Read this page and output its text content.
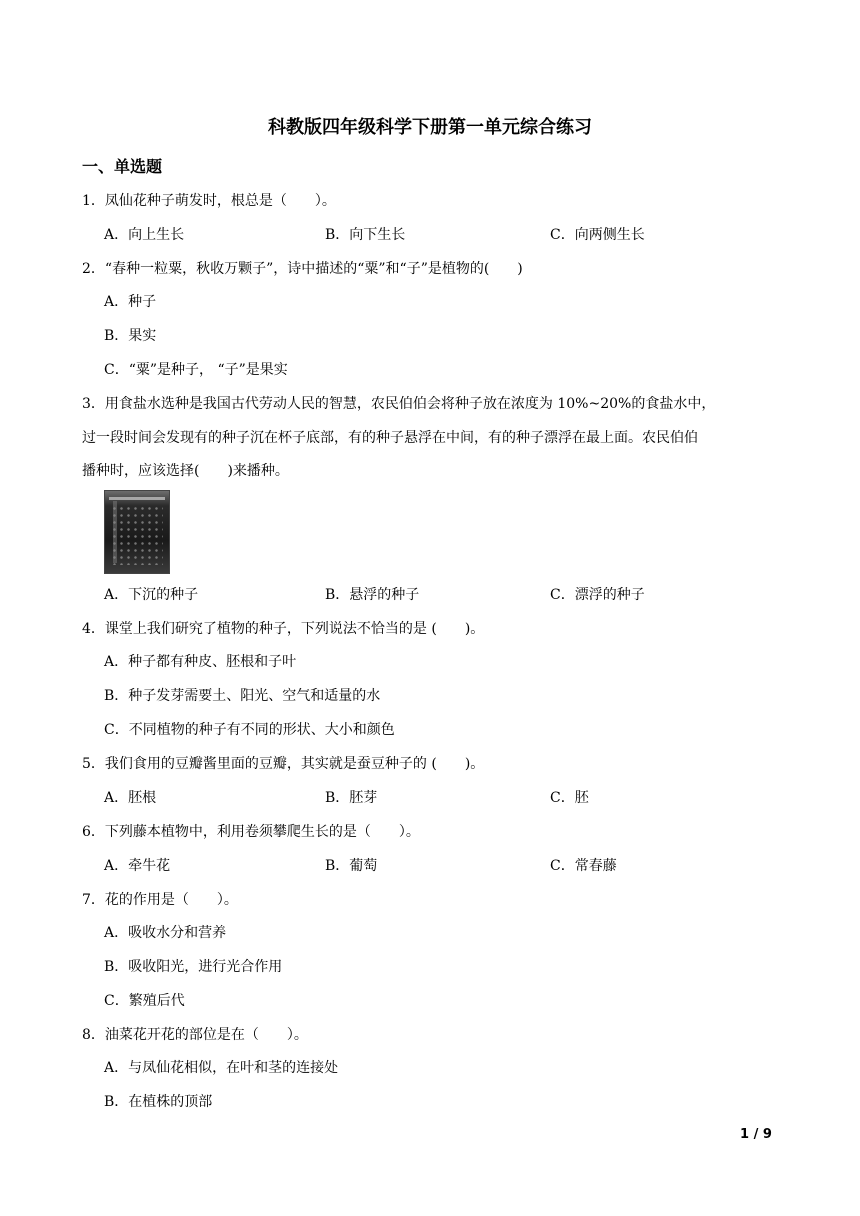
科教版四年级科学下册第一单元综合练习
一、单选题
1．凤仙花种子萌发时，根总是（　　）。
A．向上生长	B．向下生长	C．向两侧生长
2．“春种一粒粟，秋收万颗子”，诗中描述的“粟”和“子”是植物的(　　)
A．种子
B．果实
C．“粟”是种子， “子”是果实
3．用食盐水选种是我国古代劳动人民的智慧，农民伯伯会将种子放在浓度为 10%~20%的食盐水中，
过一段时间会发现有的种子沉在杯子底部，有的种子悬浮在中间，有的种子漂浮在最上面。农民伯伯
播种时，应该选择(　　)来播种。
A．下沉的种子	B．悬浮的种子	C．漂浮的种子
4．课堂上我们研究了植物的种子，下列说法不恰当的是 (　　)。
A．种子都有种皮、胚根和子叶
B．种子发芽需要土、阳光、空气和适量的水
C．不同植物的种子有不同的形状、大小和颜色
5．我们食用的豆瓣酱里面的豆瓣，其实就是蚕豆种子的 (　　)。
A．胚根	B．胚芽	C．胚
6．下列藤本植物中，利用卷须攀爬生长的是（　　）。
A．牵牛花	B．葡萄	C．常春藤
7．花的作用是（　　）。
A．吸收水分和营养
B．吸收阳光，进行光合作用
C．繁殖后代
8．油菜花开花的部位是在（　　）。
A．与凤仙花相似，在叶和茎的连接处
B．在植株的顶部
1 / 9
